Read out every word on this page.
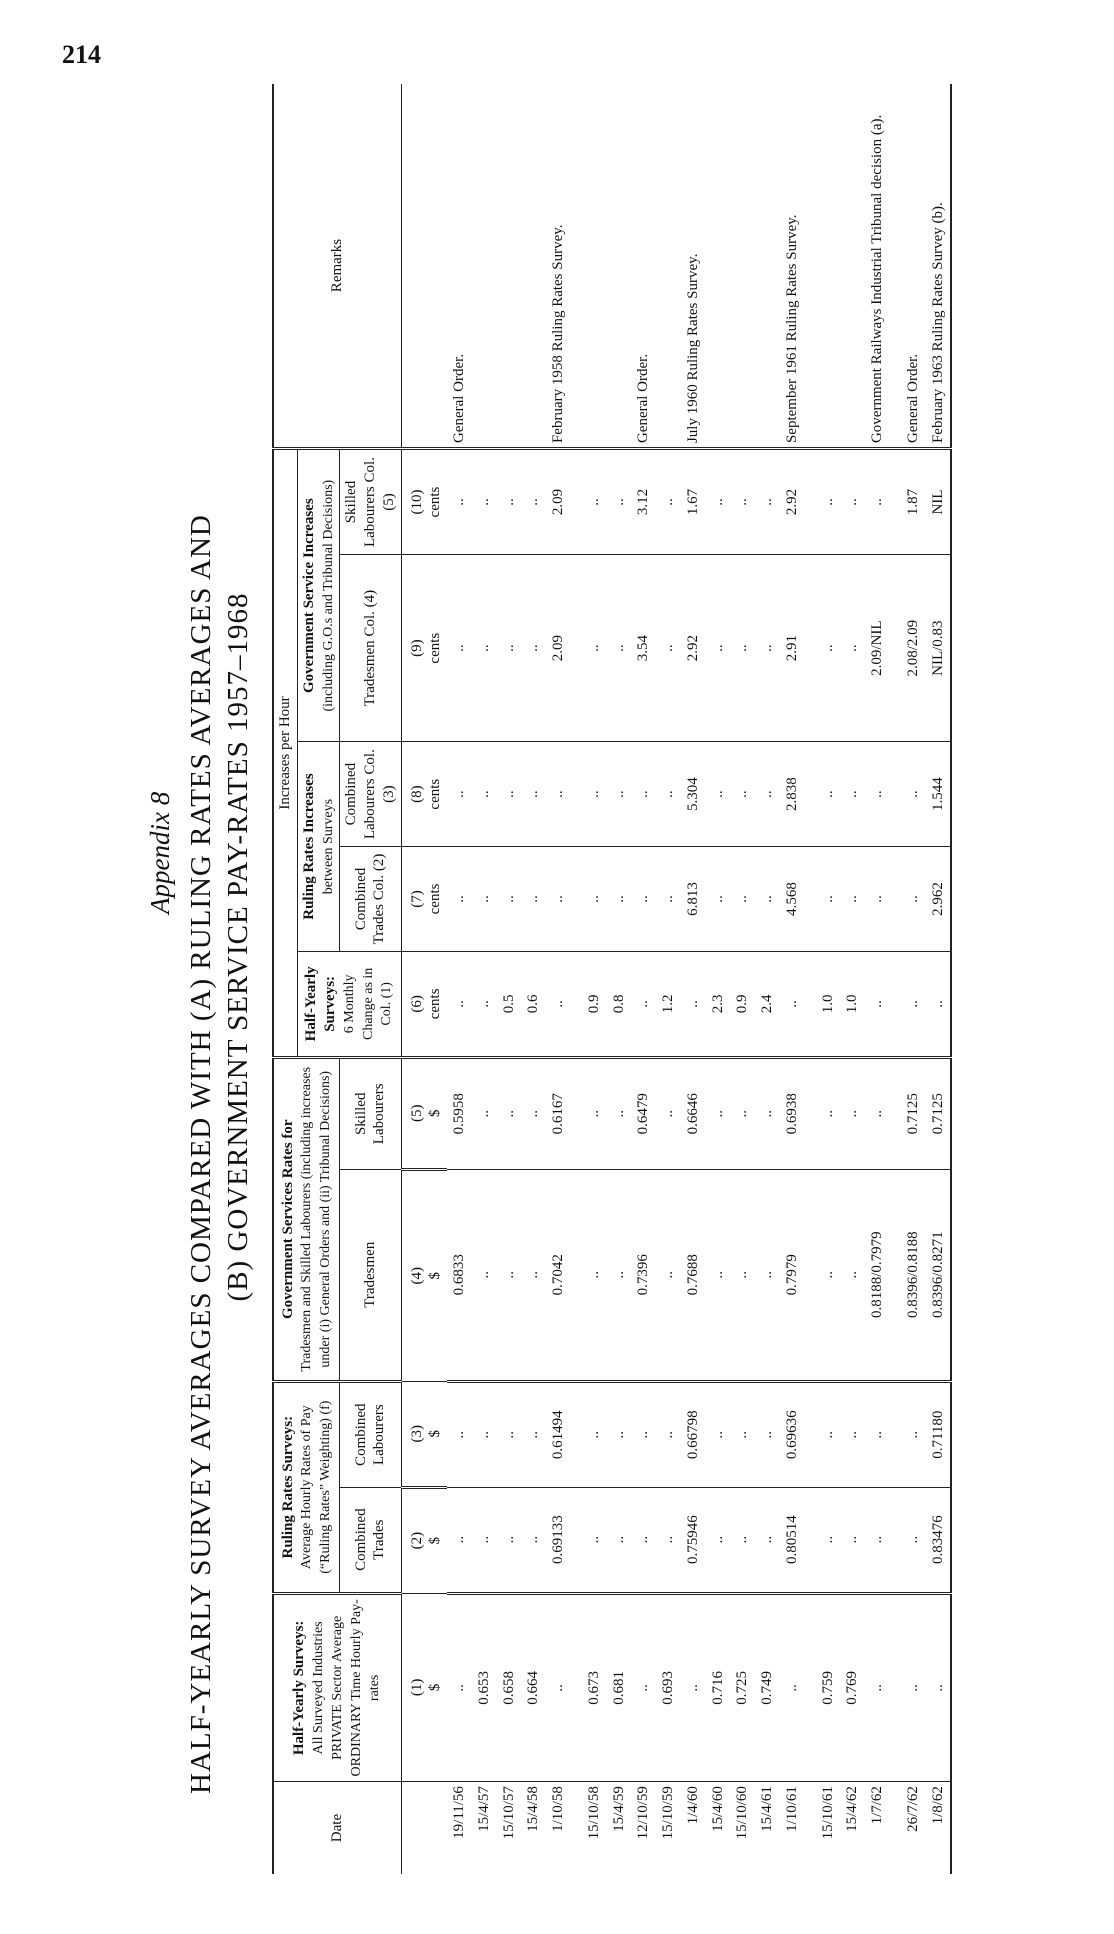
214
Appendix 8 HALF-YEARLY SURVEY AVERAGES COMPARED WITH (A) RULING RATES AVERAGES AND (B) GOVERNMENT SERVICE PAY-RATES 1957–1968
Date	Half-Yearly Surveys: All Surveyed Industries PRIVATE Sector Average ORDINARY Time Hourly Pay-rates	Ruling Rates Surveys: Average Hourly Rates of Pay (“Ruling Rates” Weighting) (f)		Government Services Rates for Tradesmen and Skilled Labourers (including increases under (i) General Orders and (ii) Tribunal Decisions)		Increases per Hour					Remarks
						Half-Yearly Surveys: 6 Monthly Change as in Col. (1)	Ruling Rates Increases between Surveys		Government Service Increases (including G.O.s and Tribunal Decisions)		
		Combined Trades	Combined Labourers	Tradesmen	Skilled Labourers		Combined Trades Col. (2)	Combined Labourers Col. (3)	Tradesmen Col. (4)	Skilled Labourers Col. (5)	
	(1) $	(2) $	(3) $	(4) $	(5) $	(6) cents	(7) cents	(8) cents	(9) cents	(10) cents	
19/11/56	..	..	..	0.6833	0.5958	..	..	..	..	..	General Order.
15/4/57	0.653	..	..	..	..	..	..	..	..	..	
15/10/57	0.658	..	..	..	..	0.5	..	..	..	..	
15/4/58	0.664	..	..	..	..	0.6	..	..	..	..	
1/10/58	..	0.69133	0.61494	0.7042	0.6167	..	..	..	2.09	2.09	February 1958 Ruling Rates Survey.
15/10/58	0.673	..	..	..	..	0.9	..	..	..	..	
15/4/59	0.681	..	..	..	..	0.8	..	..	..	..	
12/10/59	..	..	..	0.7396	0.6479	..	..	..	3.54	3.12	General Order.
15/10/59	0.693	..	..	..	..	1.2	..	..	..	..	
1/4/60	..	0.75946	0.66798	0.7688	0.6646	..	6.813	5.304	2.92	1.67	July 1960 Ruling Rates Survey.
15/4/60	0.716	..	..	..	..	2.3	..	..	..	..	
15/10/60	0.725	..	..	..	..	0.9	..	..	..	..	
15/4/61	0.749	..	..	..	..	2.4	..	..	..	..	
1/10/61	..	0.80514	0.69636	0.7979	0.6938	..	4.568	2.838	2.91	2.92	September 1961 Ruling Rates Survey.
15/10/61	0.759	..	..	..	..	1.0	..	..	..	..	
15/4/62	0.769	..	..	..	..	1.0	..	..	..	..	
1/7/62	..	..	..	0.8188/0.7979	..	..	..	..	2.09/NIL	..	Government Railways Industrial Tribunal decision (a).
26/7/62	..	..	..	0.8396/0.8188	0.7125	..	..	..	2.08/2.09	1.87	General Order.
1/8/62	..	0.83476	0.71180	0.8396/0.8271	0.7125	..	2.962	1.544	NIL/0.83	NIL	February 1963 Ruling Rates Survey (b).
